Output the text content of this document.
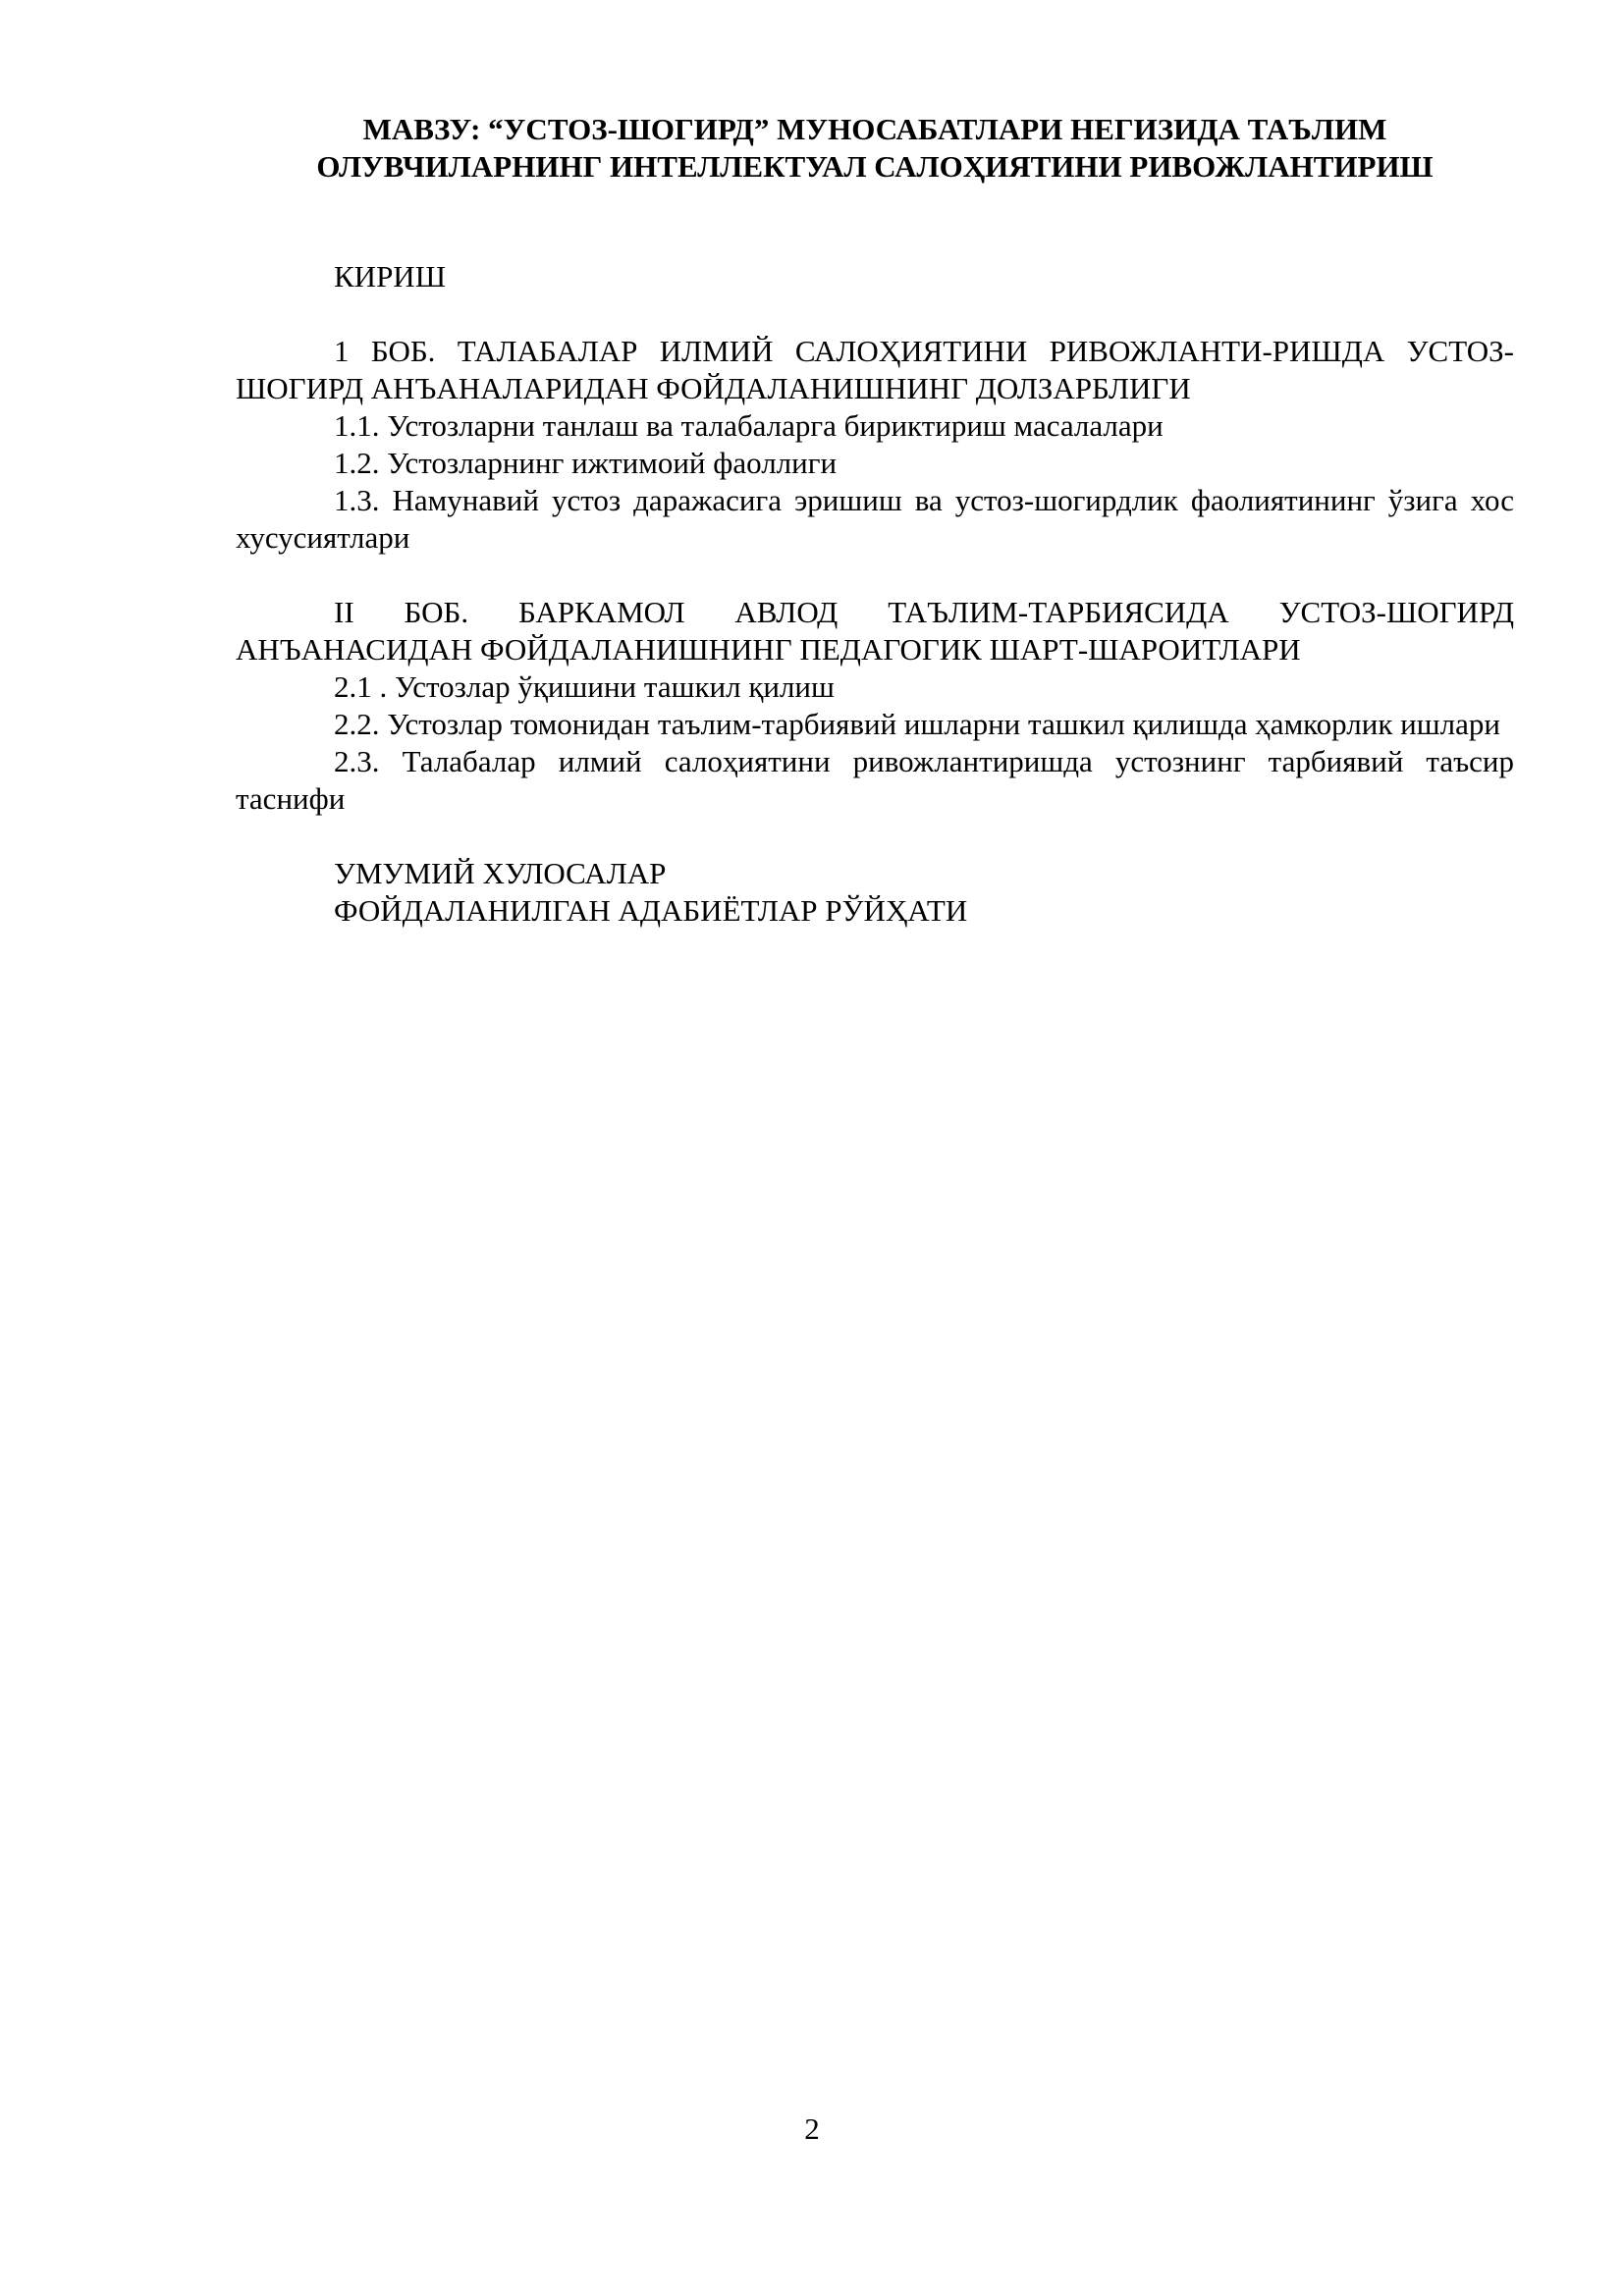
МАВЗУ: “УСТОЗ-ШОГИРД” МУНОСАБАТЛАРИ НЕГИЗИДА ТАЪЛИМ
ОЛУВЧИЛАРНИНГ ИНТЕЛЛЕКТУАЛ САЛОҲИЯТИНИ РИВОЖЛАНТИРИШ

КИРИШ

1 БОБ. ТАЛАБАЛАР ИЛМИЙ САЛОҲИЯТИНИ РИВОЖЛАНТИ-РИШДА УСТОЗ-ШОГИРД АНЪАНАЛАРИДАН ФОЙДАЛАНИШНИНГ ДОЛЗАРБЛИГИ

1.1. Устозларни танлаш ва талабаларга бириктириш масалалари

1.2. Устозларнинг ижтимоий фаоллиги

1.3. Намунавий устоз даражасига эришиш ва устоз-шогирдлик фаолиятининг ўзига хос хусусиятлари

II БОБ. БАРКАМОЛ АВЛОД ТАЪЛИМ-ТАРБИЯСИДА УСТОЗ-ШОГИРД АНЪАНАСИДАН ФОЙДАЛАНИШНИНГ ПЕДАГОГИК ШАРТ-ШАРОИТЛАРИ

2.1 . Устозлар ўқишини ташкил қилиш

2.2. Устозлар томонидан таълим-тарбиявий ишларни ташкил қилишда ҳамкорлик ишлари

2.3. Талабалар илмий салоҳиятини ривожлантиришда устознинг тарбиявий таъсир таснифи

УМУМИЙ ХУЛОСАЛАР

ФОЙДАЛАНИЛГАН АДАБИЁТЛАР РЎЙҲАТИ

2
